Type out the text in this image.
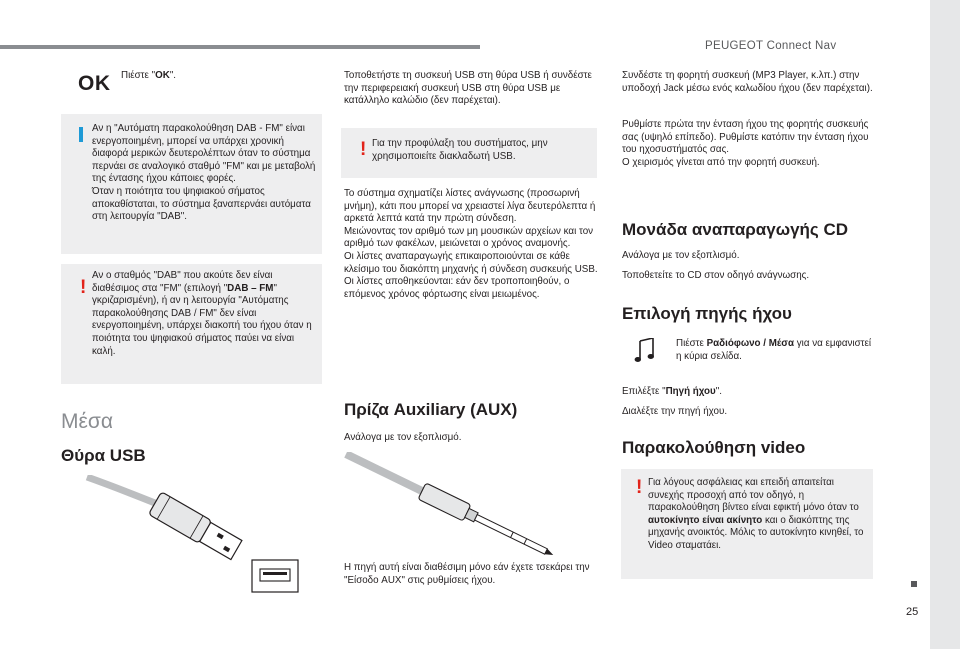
PEUGEOT Connect Nav
25
OK Πιέστε "OK".
Αν η "Αυτόματη παρακολούθηση DAB - FM" είναι ενεργοποιημένη, μπορεί να υπάρχει χρονική διαφορά μερικών δευτερολέπτων όταν το σύστημα περνάει σε αναλογικό σταθμό "FM" και με μεταβολή της έντασης ήχου κάποιες φορές.
Όταν η ποιότητα του ψηφιακού σήματος αποκαθίσταται, το σύστημα ξαναπερνάει αυτόματα στη λειτουργία "DAB".
!
Αν ο σταθμός "DAB" που ακούτε δεν είναι διαθέσιμος στα "FM" (επιλογή "DAB – FM" γκριζαρισμένη), ή αν η λειτουργία "Αυτόματης παρακολούθησης DAB / FM" δεν είναι ενεργοποιημένη, υπάρχει διακοπή του ήχου όταν η ποιότητα του ψηφιακού σήματος παύει να είναι καλή.
Μέσα
Θύρα USB
Τοποθετήστε τη συσκευή USB στη θύρα USB ή συνδέστε την περιφερειακή συσκευή USB στη θύρα USB με κατάλληλο καλώδιο (δεν παρέχεται).
! Για την προφύλαξη του συστήματος, μην χρησιμοποιείτε διακλαδωτή USB.
Το σύστημα σχηματίζει λίστες ανάγνωσης (προσωρινή μνήμη), κάτι που μπορεί να χρειαστεί λίγα δευτερόλεπτα ή αρκετά λεπτά κατά την πρώτη σύνδεση.
Μειώνοντας τον αριθμό των μη μουσικών αρχείων και τον αριθμό των φακέλων, μειώνεται ο χρόνος αναμονής.
Οι λίστες αναπαραγωγής επικαιροποιούνται σε κάθε κλείσιμο του διακόπτη μηχανής ή σύνδεση συσκευής USB. Οι λίστες αποθηκεύονται: εάν δεν τροποποιηθούν, ο επόμενος χρόνος φόρτωσης είναι μειωμένος.
Πρίζα Auxiliary (AUX)
Ανάλογα με τον εξοπλισμό.
Η πηγή αυτή είναι διαθέσιμη μόνο εάν έχετε τσεκάρει την "Είσοδο AUX" στις ρυθμίσεις ήχου.
Συνδέστε τη φορητή συσκευή (MP3 Player, κ.λπ.) στην υποδοχή Jack μέσω ενός καλωδίου ήχου (δεν παρέχεται).
Ρυθμίστε πρώτα την ένταση ήχου της φορητής συσκευής σας (υψηλό επίπεδο). Ρυθμίστε κατόπιν την ένταση ήχου του ηχοσυστήματός σας.
Ο χειρισμός γίνεται από την φορητή συσκευή.
Μονάδα αναπαραγωγής CD
Ανάλογα με τον εξοπλισμό.
Τοποθετείτε το CD στον οδηγό ανάγνωσης.
Επιλογή πηγής ήχου
Πιέστε Ραδιόφωνο / Μέσα για να εμφανιστεί η κύρια σελίδα.
Επιλέξτε "Πηγή ήχου".
Διαλέξτε την πηγή ήχου.
Παρακολούθηση video
! Για λόγους ασφάλειας και επειδή απαιτείται συνεχής προσοχή από τον οδηγό, η παρακολούθηση βίντεο είναι εφικτή μόνο όταν το αυτοκίνητο είναι ακίνητο και ο διακόπτης της μηχανής ανοικτός. Μόλις το αυτοκίνητο κινηθεί, το Video σταματάει.
